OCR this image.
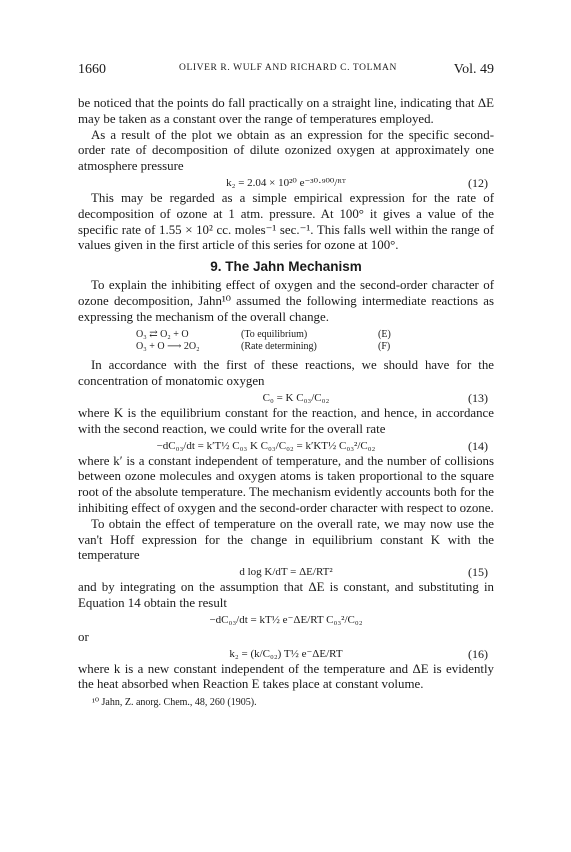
1660	OLIVER R. WULF AND RICHARD C. TOLMAN	Vol. 49

be noticed that the points do fall practically on a straight line, indicating that ΔE may be taken as a constant over the range of temperatures employed.

As a result of the plot we obtain as an expression for the specific second-order rate of decomposition of dilute ozonized oxygen at approximately one atmosphere pressure

k₂ = 2.04 × 10²⁰ e⁻³⁰·⁹⁰⁰/ᴿᵀ	(12)

This may be regarded as a simple empirical expression for the rate of decomposition of ozone at 1 atm. pressure. At 100° it gives a value of the specific rate of 1.55 × 10² cc. moles⁻¹ sec.⁻¹. This falls well within the range of values given in the first article of this series for ozone at 100°.

9. The Jahn Mechanism

To explain the inhibiting effect of oxygen and the second-order character of ozone decomposition, Jahn¹⁰ assumed the following intermediate reactions as expressing the mechanism of the overall change.

O₃ ⇄ O₂ + O	(To equilibrium)	(E)
O₃ + O ⟶ 2O₂	(Rate determining)	(F)

In accordance with the first of these reactions, we should have for the concentration of monatomic oxygen

C₀ = K C₀₃/C₀₂	(13)

where K is the equilibrium constant for the reaction, and hence, in accordance with the second reaction, we could write for the overall rate

−dC₀₃/dt = k′T½ C₀₃ K C₀₃/C₀₂ = k′KT½ C₀₃²/C₀₂	(14)

where k′ is a constant independent of temperature, and the number of collisions between ozone molecules and oxygen atoms is taken proportional to the square root of the absolute temperature. The mechanism evidently accounts both for the inhibiting effect of oxygen and the second-order character with respect to ozone.

To obtain the effect of temperature on the overall rate, we may now use the van't Hoff expression for the change in equilibrium constant K with the temperature

d log K/dT = ΔE/RT²	(15)

and by integrating on the assumption that ΔE is constant, and substituting in Equation 14 obtain the result

−dC₀₃/dt = kT½ e⁻ΔE/RT C₀₃²/C₀₂

or

k₂ = (k/C₀₂) T½ e⁻ΔE/RT	(16)

where k is a new constant independent of the temperature and ΔE is evidently the heat absorbed when Reaction E takes place at constant volume.

¹⁰ Jahn, Z. anorg. Chem., 48, 260 (1905).
